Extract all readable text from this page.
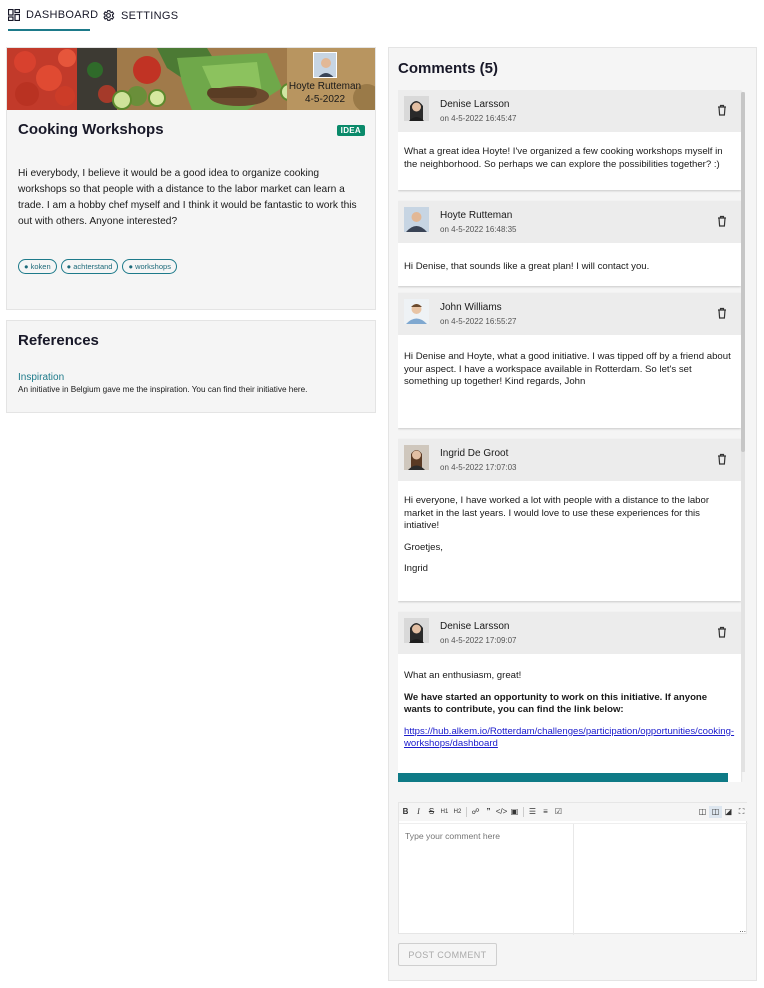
DASHBOARD SETTINGS
Hoyte Rutteman
4-5-2022
Cooking Workshops	IDEA
Hi everybody, I believe it would be a good idea to organize cooking workshops so that people with a distance to the labor market can learn a trade. I am a hobby chef myself and I think it would be fantastic to work this out with others. Anyone interested?
● koken	● achterstand	● workshops
References
Inspiration
An initiative in Belgium gave me the inspiration. You can find their initiative here.
Comments (5)
Denise Larsson
on 4-5-2022 16:45:47

What a great idea Hoyte! I've organized a few cooking workshops myself in the neighborhood. So perhaps we can explore the possibilities together? :)

Hoyte Rutteman
on 4-5-2022 16:48:35

Hi Denise, that sounds like a great plan! I will contact you.

John Williams
on 4-5-2022 16:55:27

Hi Denise and Hoyte, what a good initiative. I was tipped off by a friend about your aspect. I have a workspace available in Rotterdam. So let's set something up together! Kind regards, John

Ingrid De Groot
on 4-5-2022 17:07:03

Hi everyone, I have worked a lot with people with a distance to the labor market in the last years. I would love to use these experiences for this intiative!

Groetjes,

Ingrid

Denise Larsson
on 4-5-2022 17:09:07

What an enthusiasm, great!

We have started an opportunity to work on this initiative. If anyone wants to contribute, you can find the link below:

https://hub.alkem.io/Rotterdam/challenges/participation/opportunities/cooking-workshops/dashboard

B	I	S	H1 H2	☍ ” </> ▣	☰ ≡ ☑	◫ ◫ ◪ ⛶
Type your comment here
...
POST COMMENT
